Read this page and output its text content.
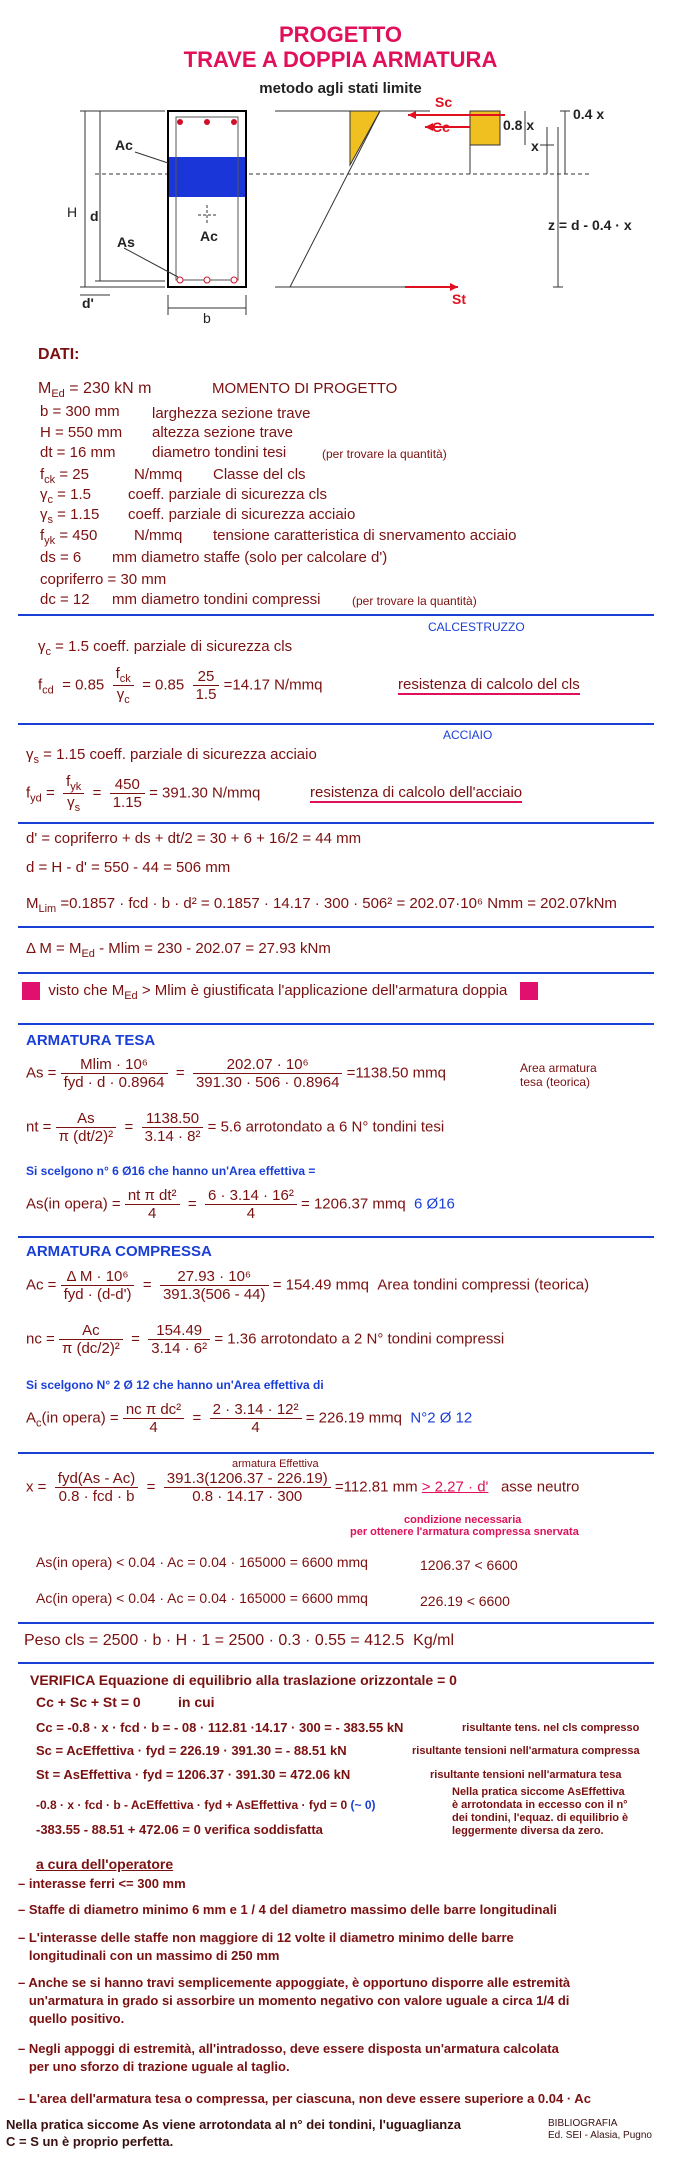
PROGETTO
TRAVE A DOPPIA ARMATURA
metodo agli stati limite
Sc
Cc
St
Ac
Ac
As
H d
d'
b
x
0.8 x
0.4 x
z = d - 0.4 · x
DATI:
$M_{Ed} = 230$ kN m	MOMENTO DI PROGETTO
b = 300 mm larghezza sezione trave
H = 550 mm altezza sezione trave
dt = 16 mm diametro tondini tesi	(per trovare la quantità)
$f_{ck} = 25$	N/mmq Classe del cls
$\gamma_c = 1.5$ coeff. parziale di sicurezza cls
$\gamma_s = 1.15$ coeff. parziale di sicurezza acciaio
$f_{yk} = 450$ N/mmq tensione caratteristica di snervamento acciaio
ds = 6 mm diametro staffe (solo per calcolare d')
copriferro = 30 mm
dc = 12 mm diametro tondini compressi	(per trovare la quantità)
CALCESTRUZZO
$\gamma_c = 1.5$ coeff. parziale di sicurezza cls
$f_{cd} = 0.85 \frac{f_{ck}}{\gamma_c} = 0.85 \frac{25}{1.5} =14.17$ N/mmq	resistenza di calcolo del cls
ACCIAIO
$\gamma_s = 1.15$ coeff. parziale di sicurezza acciaio
$f_{yd} = \frac{f_{yk}}{\gamma_s} = \frac{450}{1.15} = 391.30$ N/mmq	resistenza di calcolo dell'acciaio
d' = copriferro + ds + dt/2 = 30 + 6 + 16/2 = 44 mm
d = H - d' = 550 - 44 = 506 mm
$M_{Lim} =0.1857$ · fcd · b · d² = 0.1857 · 14.17 · 300 · 506² = 202.07·10⁶ Nmm = 202.07kNm
Δ $M = M_{Ed} - Mlim = 230 - 202.07 = 27.93$ kNm
visto che $M_{Ed} > Mlim$ è giustificata l'applicazione dell'armatura doppia
ARMATURA TESA
$As = \frac{\text{Mlim · 10⁶}}{\text{fyd · d · 0.8964}} = \frac{\text{202.07 · 10⁶}}{391.30 \cdot 506 \cdot 0.8964} =1138.50$ mmq	Area armatura
tesa (teorica)
nt = $\frac{As}{\text{π (dt/2)²}} = \frac{1138.50}{\text{3.14 · 8²}} = 5.6$ arrotondato a 6 N° tondini tesi
Si scelgono n° 6 Ø16 che hanno un'Area effettiva =
As(in opera) = $\frac{\text{nt π dt²}}{4} = \frac{\text{6 · 3.14 · 16²}}{4} = 1206.37$ mmq 6 Ø16
ARMATURA COMPRESSA
$Ac = \frac{\text{Δ M · 10⁶}}{\text{fyd · (d-d')}} = \frac{\text{27.93 · 10⁶}}{391.3(506 - 44)} = 154.49$ mmq Area tondini compressi (teorica)
nc = $\frac{Ac}{\text{π (dc/2)²}} = \frac{154.49}{\text{3.14 · 6²}} = 1.36$ arrotondato a 2 N° tondini compressi
Si scelgono N° 2 Ø 12 che hanno un'Area effettiva di
$A_c(in$ opera) = $\frac{\text{nc π dc²}}{4} = \frac{\text{2 · 3.14 · 12²}}{4} = 226.19$ mmq N°2 Ø 12
armatura Effettiva
$x = \frac{\text{fyd(As - Ac)}}{\text{0.8 · fcd · b}} = \frac{391.3(1206.37 - 226.19)}{0.8 \cdot 14.17 \cdot 300} =112.81$ mm > 2.27 · d' asse neutro
condizione necessaria
per ottenere l'armatura compressa snervata
As(in opera) < 0.04 · Ac = 0.04 · 165000 = 6600 mmq	1206.37 < 6600
Ac(in opera) < 0.04 · Ac = 0.04 · 165000 = 6600 mmq	226.19 < 6600
Peso cls = 2500 · b · H · 1 = 2500 · 0.3 · 0.55 = 412.5 Kg/ml
VERIFICA Equazione di equilibrio alla traslazione orizzontale = 0
Cc + Sc + St = 0	in cui
Cc = -0.8 · x · fcd · b = - 08 · 112.81 ·14.17 · 300 = - 383.55 kN	risultante tens. nel cls compresso
Sc = AcEffettiva · fyd = 226.19 · 391.30 = - 88.51 kN	risultante tensioni nell'armatura compressa
St = AsEffettiva · fyd = 1206.37 · 391.30 = 472.06 kN	risultante tensioni nell'armatura tesa
-0.8 · x · fcd · b - AcEffettiva · fyd + AsEffettiva · fyd = 0 (~ 0)
-383.55 - 88.51 + 472.06 = 0 verifica soddisfatta
Nella pratica siccome AsEffettiva
è arrotondata in eccesso con il n°
dei tondini, l'equaz. di equilibrio è
leggermente diversa da zero.
a cura dell'operatore
– interasse ferri <= 300 mm
– Staffe di diametro minimo 6 mm e 1 / 4 del diametro massimo delle barre longitudinali
– L'interasse delle staffe non maggiore di 12 volte il diametro minimo delle barre
longitudinali con un massimo di 250 mm
– Anche se si hanno travi semplicemente appoggiate, è opportuno disporre alle estremità
un'armatura in grado si assorbire un momento negativo con valore uguale a circa 1/4 di
quello positivo.
– Negli appoggi di estremità, all'intradosso, deve essere disposta un'armatura calcolata
per uno sforzo di trazione uguale al taglio.
– L'area dell'armatura tesa o compressa, per ciascuna, non deve essere superiore a 0.04 · Ac
Nella pratica siccome As viene arrotondata al n° dei tondini, l'uguaglianza
C = S un è proprio perfetta.
BIBLIOGRAFIA
Ed. SEI - Alasia, Pugno
